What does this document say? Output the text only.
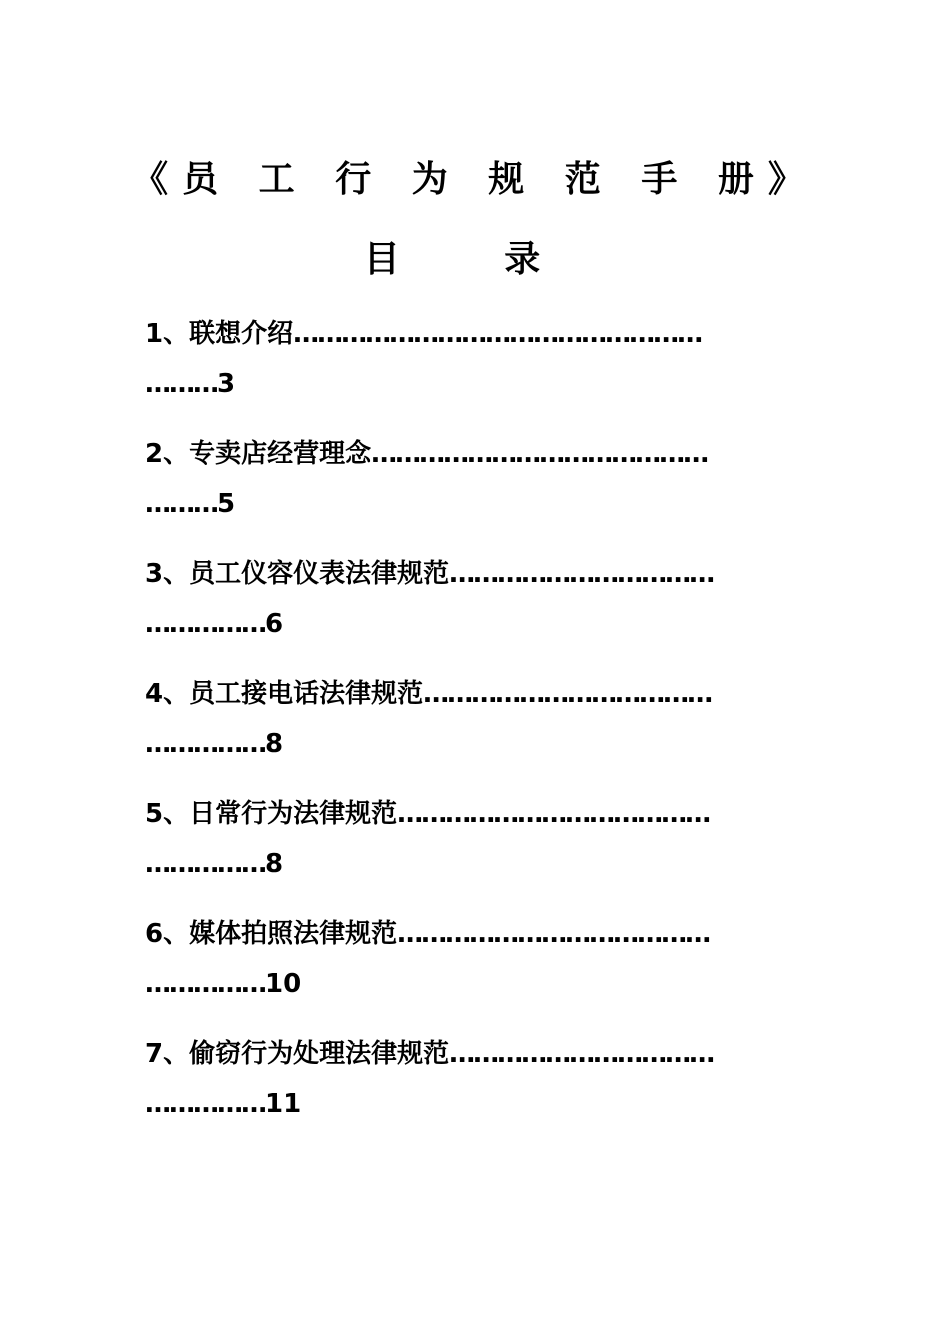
《员 工 行 为 规 范 手 册》
目 录
1、联想介绍……………………………………………
………3
2、专卖店经营理念……………………………………
………5
3、员工仪容仪表法律规范……………………………
……………6
4、员工接电话法律规范………………………………
……………8
5、日常行为法律规范…………………………………
……………8
6、媒体拍照法律规范…………………………………
……………10
7、偷窃行为处理法律规范……………………………
……………11
